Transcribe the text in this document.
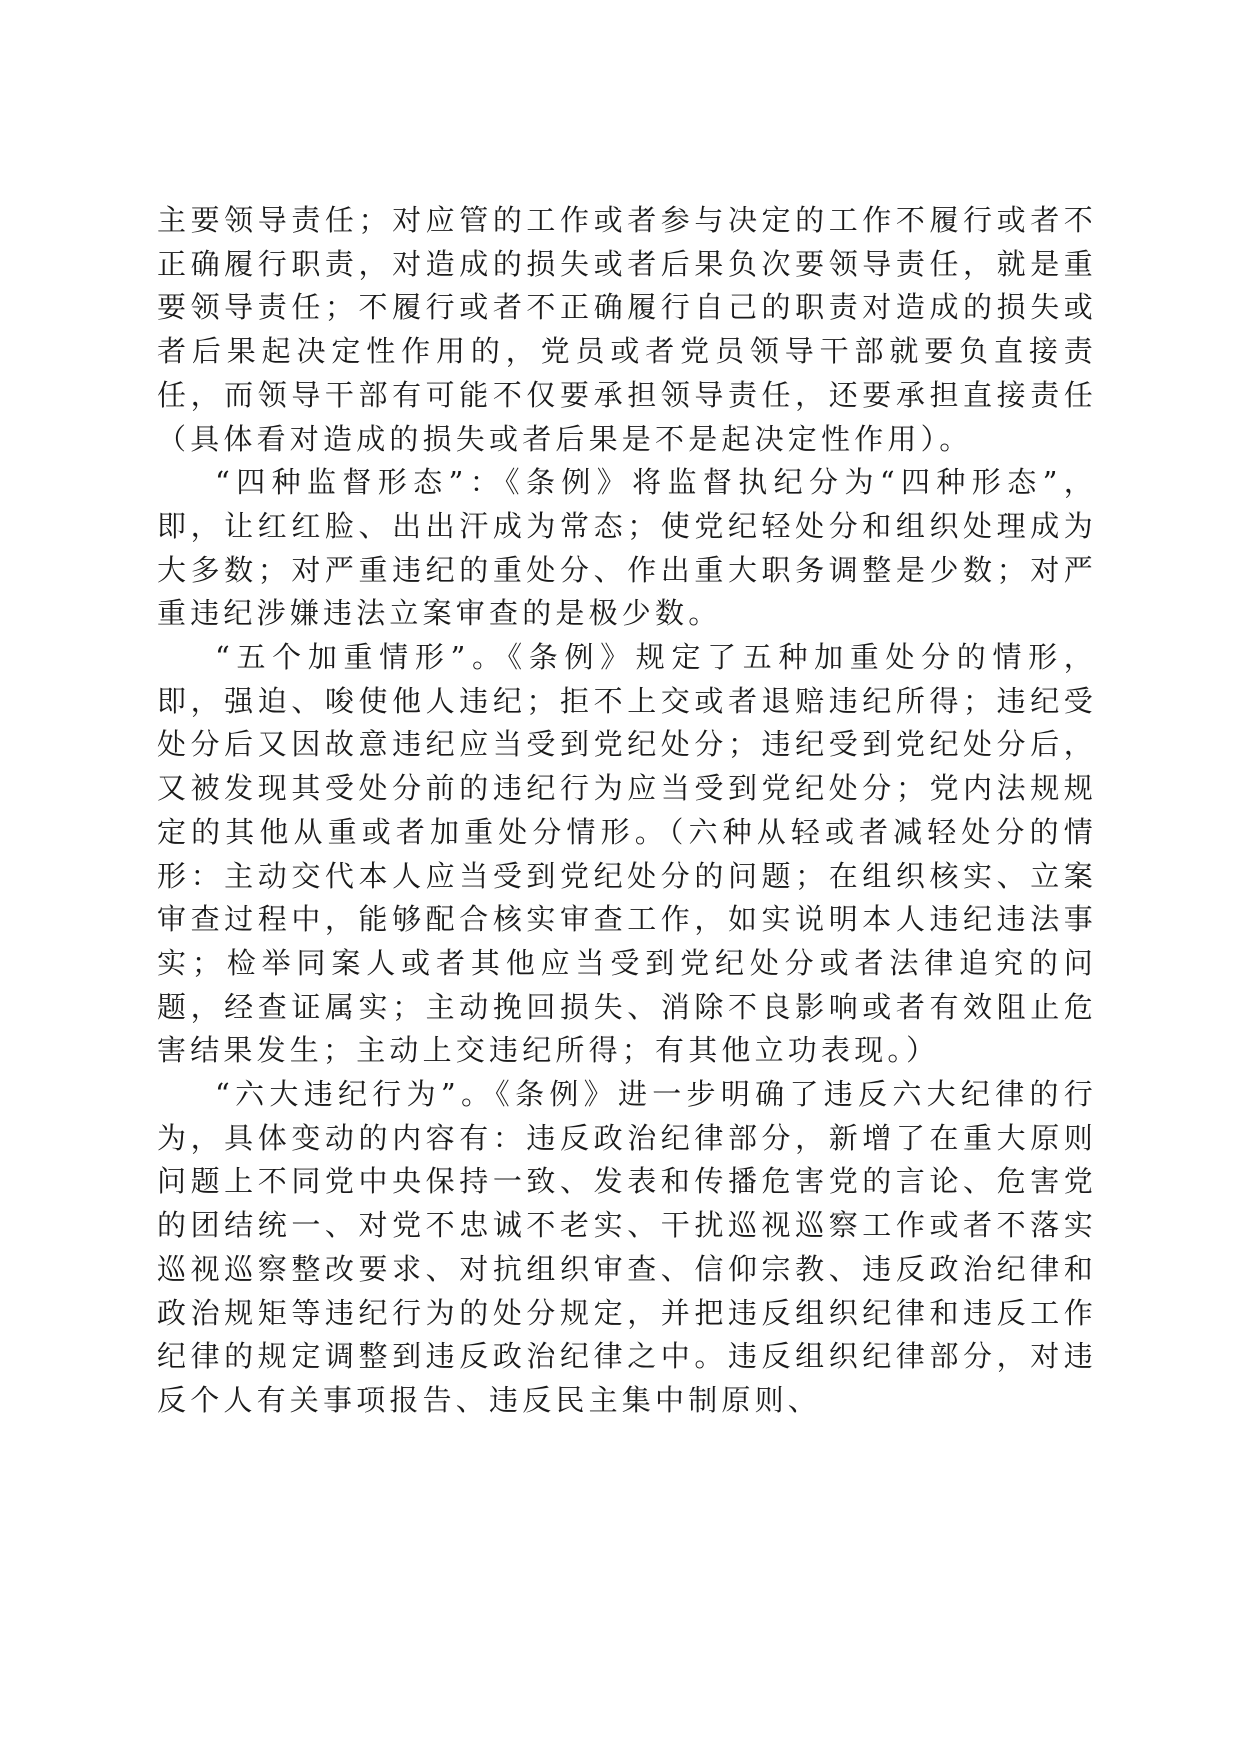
主要领导责任；对应管的工作或者参与决定的工作不履行或者不正确履行职责，对造成的损失或者后果负次要领导责任，就是重要领导责任；不履行或者不正确履行自己的职责对造成的损失或者后果起决定性作用的，党员或者党员领导干部就要负直接责任，而领导干部有可能不仅要承担领导责任，还要承担直接责任（具体看对造成的损失或者后果是不是起决定性作用）。

“四种监督形态”：《条例》将监督执纪分为“四种形态”，即，让红红脸、出出汗成为常态；使党纪轻处分和组织处理成为大多数；对严重违纪的重处分、作出重大职务调整是少数；对严重违纪涉嫌违法立案审查的是极少数。

“五个加重情形”。《条例》规定了五种加重处分的情形，即，强迫、唆使他人违纪；拒不上交或者退赔违纪所得；违纪受处分后又因故意违纪应当受到党纪处分；违纪受到党纪处分后，又被发现其受处分前的违纪行为应当受到党纪处分；党内法规规定的其他从重或者加重处分情形。（六种从轻或者减轻处分的情形：主动交代本人应当受到党纪处分的问题；在组织核实、立案审查过程中，能够配合核实审查工作，如实说明本人违纪违法事实；检举同案人或者其他应当受到党纪处分或者法律追究的问题，经查证属实；主动挽回损失、消除不良影响或者有效阻止危害结果发生；主动上交违纪所得；有其他立功表现。）

“六大违纪行为”。《条例》进一步明确了违反六大纪律的行为，具体变动的内容有：违反政治纪律部分，新增了在重大原则问题上不同党中央保持一致、发表和传播危害党的言论、危害党的团结统一、对党不忠诚不老实、干扰巡视巡察工作或者不落实巡视巡察整改要求、对抗组织审查、信仰宗教、违反政治纪律和政治规矩等违纪行为的处分规定，并把违反组织纪律和违反工作纪律的规定调整到违反政治纪律之中。违反组织纪律部分，对违反个人有关事项报告、违反民主集中制原则、
